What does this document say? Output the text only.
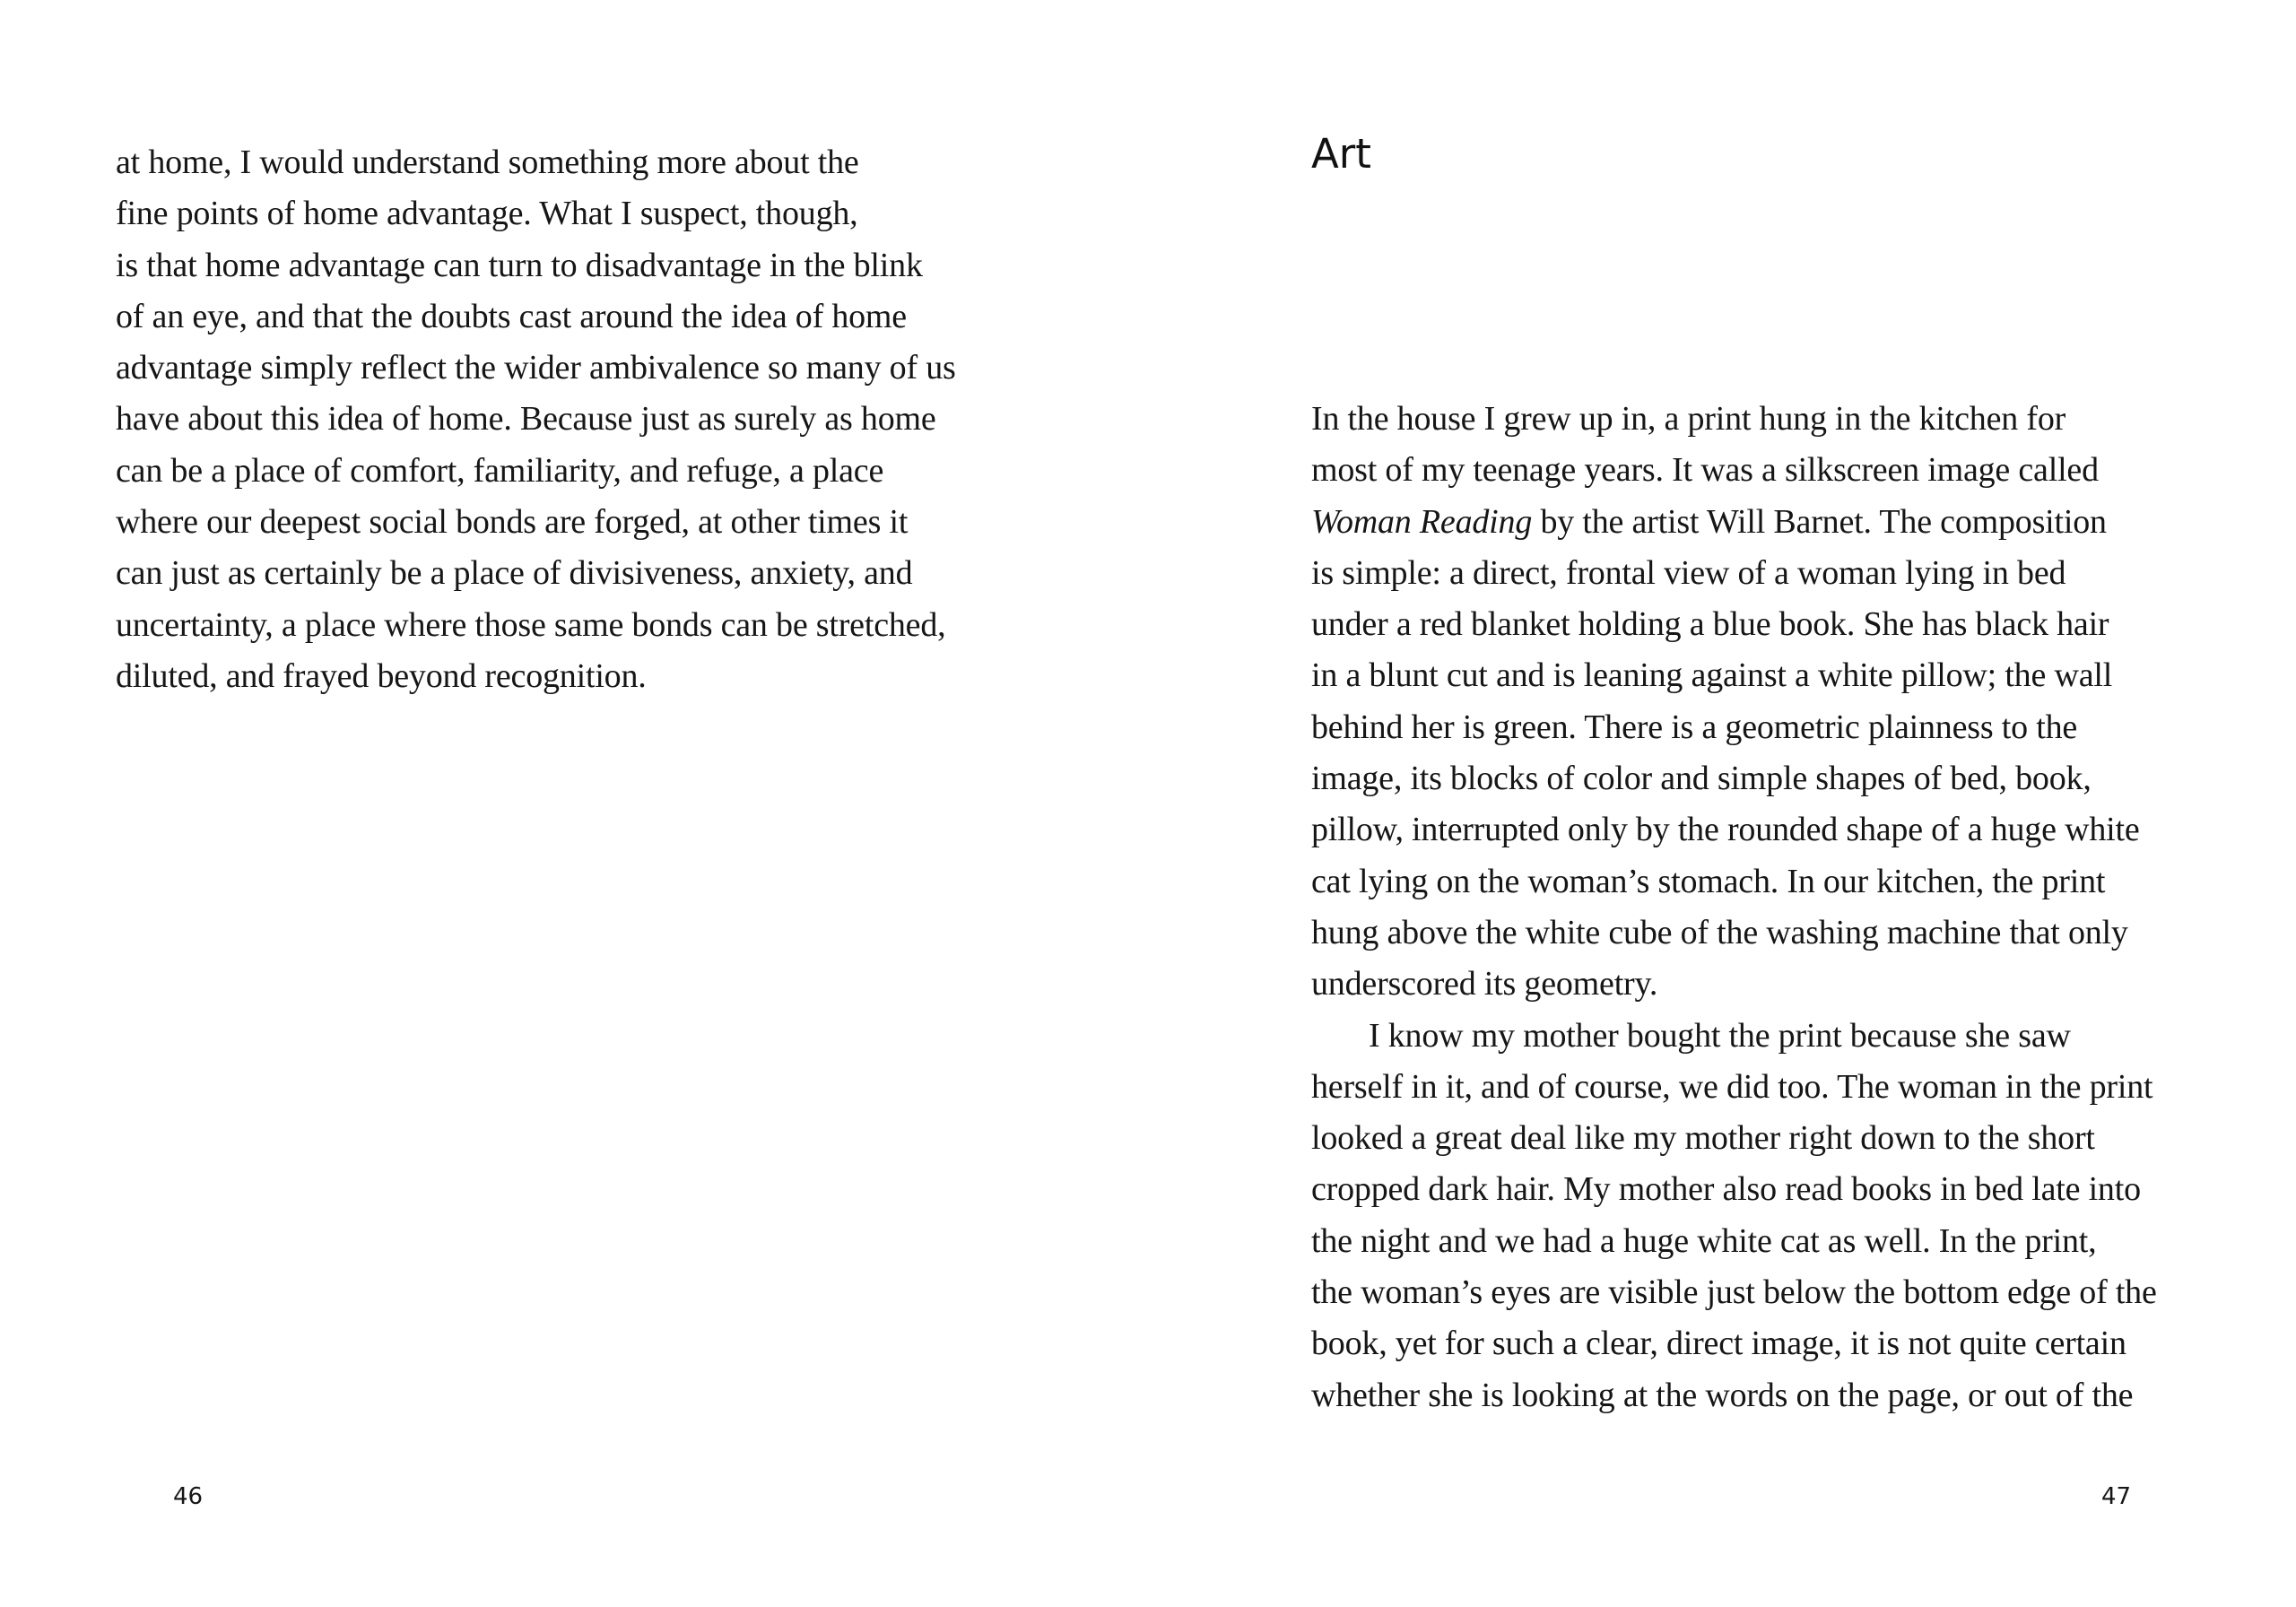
at home, I would understand something more about the
fine points of home advantage. What I suspect, though,
is that home advantage can turn to disadvantage in the blink
of an eye, and that the doubts cast around the idea of home
advantage simply reflect the wider ambivalence so many of us
have about this idea of home. Because just as surely as home
can be a place of comfort, familiarity, and refuge, a place
where our deepest social bonds are forged, at other times it
can just as certainly be a place of divisiveness, anxiety, and
uncertainty, a place where those same bonds can be stretched,
diluted, and frayed beyond recognition.
46
Art
In the house I grew up in, a print hung in the kitchen for
most of my teenage years. It was a silkscreen image called
Woman Reading by the artist Will Barnet. The composition
is simple: a direct, frontal view of a woman lying in bed
under a red blanket holding a blue book. She has black hair
in a blunt cut and is leaning against a white pillow; the wall
behind her is green. There is a geometric plainness to the
image, its blocks of color and simple shapes of bed, book,
pillow, interrupted only by the rounded shape of a huge white
cat lying on the woman’s stomach. In our kitchen, the print
hung above the white cube of the washing machine that only
underscored its geometry.
I know my mother bought the print because she saw
herself in it, and of course, we did too. The woman in the print
looked a great deal like my mother right down to the short
cropped dark hair. My mother also read books in bed late into
the night and we had a huge white cat as well. In the print,
the woman’s eyes are visible just below the bottom edge of the
book, yet for such a clear, direct image, it is not quite certain
whether she is looking at the words on the page, or out of the
47
